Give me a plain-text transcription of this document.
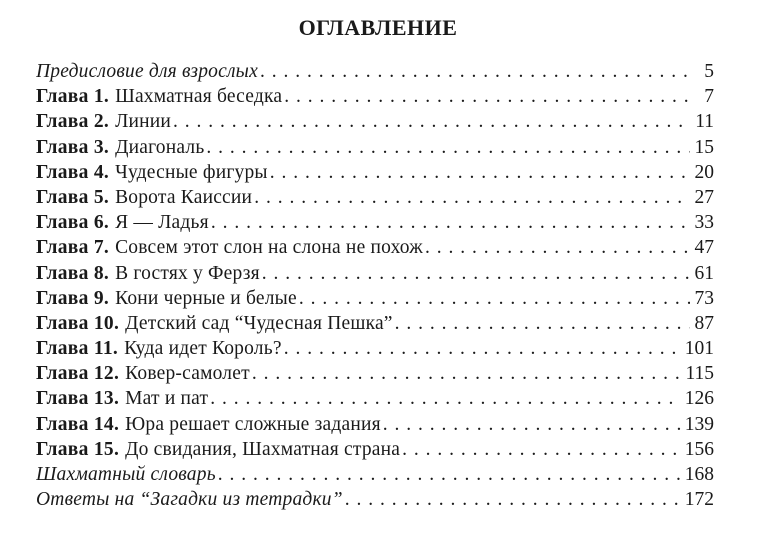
ОГЛАВЛЕНИЕ
Предисловие для взрослых . . .	5
Глава 1. Шахматная беседка . . .	7
Глава 2. Линии . . .	11
Глава 3. Диагональ . . .	15
Глава 4. Чудесные фигуры . . .	20
Глава 5. Ворота Каиссии . . .	27
Глава 6. Я — Ладья . . .	33
Глава 7. Совсем этот слон на слона не похож . . .	47
Глава 8. В гостях у Ферзя . . .	61
Глава 9. Кони черные и белые . . .	73
Глава 10. Детский сад “Чудесная Пешка” . . .	87
Глава 11. Куда идет Король? . . .	101
Глава 12. Ковер-самолет . . .	115
Глава 13. Мат и пат . . .	126
Глава 14. Юра решает сложные задания . . .	139
Глава 15. До свидания, Шахматная страна . . .	156
Шахматный словарь . . .	168
Ответы на “Загадки из тетрадки” . . .	172
